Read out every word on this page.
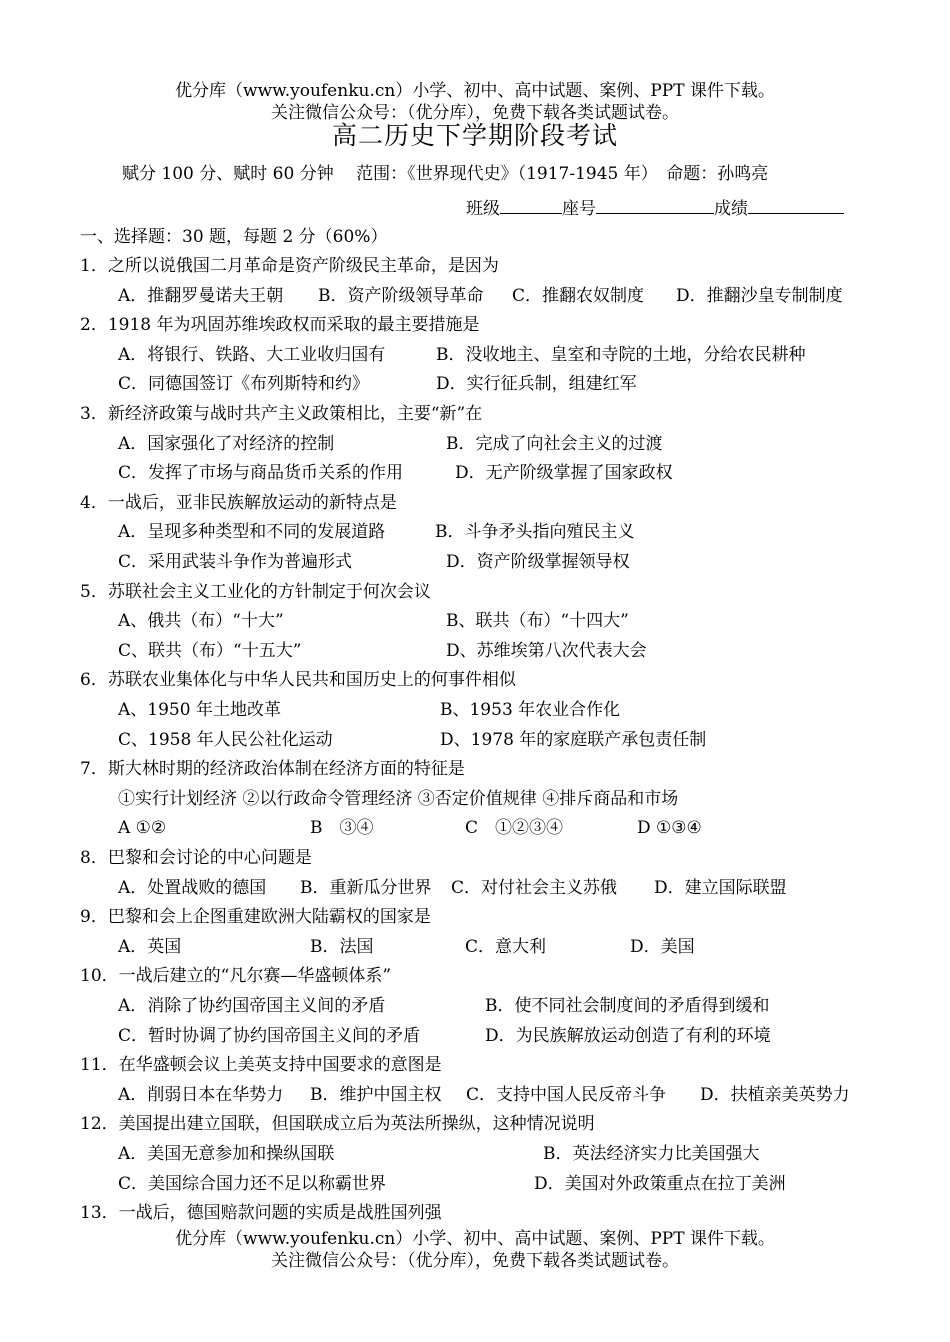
优分库（www.youfenku.cn）小学、初中、高中试题、案例、PPT 课件下载。
关注微信公众号：（优分库），免费下载各类试题试卷。
高二历史下学期阶段考试
赋分 100 分、赋时 60 分钟　 范围：《世界现代史》（1917-1945 年）　命题：孙鸣亮
班级	座号	成绩
一、选择题：30 题，每题 2 分（60%）
1．之所以说俄国二月革命是资产阶级民主革命，是因为
A．推翻罗曼诺夫王朝 B．资产阶级领导革命 C．推翻农奴制度 D．推翻沙皇专制制度
2．1918 年为巩固苏维埃政权而采取的最主要措施是
A．将银行、铁路、大工业收归国有	B．没收地主、皇室和寺院的土地，分给农民耕种
C．同德国签订《布列斯特和约》	D．实行征兵制，组建红军
3．新经济政策与战时共产主义政策相比，主要“新”在
A．国家强化了对经济的控制	B．完成了向社会主义的过渡
C．发挥了市场与商品货币关系的作用	D．无产阶级掌握了国家政权
4．一战后，亚非民族解放运动的新特点是
A．呈现多种类型和不同的发展道路	B．斗争矛头指向殖民主义
C．采用武装斗争作为普遍形式	D．资产阶级掌握领导权
5．苏联社会主义工业化的方针制定于何次会议
A、俄共（布）“十大”	B、联共（布）“十四大”
C、联共（布）“十五大”	D、苏维埃第八次代表大会
6．苏联农业集体化与中华人民共和国历史上的何事件相似
A、1950 年土地改革	B、1953 年农业合作化
C、1958 年人民公社化运动	D、1978 年的家庭联产承包责任制
7．斯大林时期的经济政治体制在经济方面的特征是
①实行计划经济 ②以行政命令管理经济 ③否定价值规律 ④排斥商品和市场
A ①②	B　③④	C　①②③④	D ①③④
8．巴黎和会讨论的中心问题是
A．处置战败的德国 B．重新瓜分世界 C．对付社会主义苏俄 D．建立国际联盟
9．巴黎和会上企图重建欧洲大陆霸权的国家是
A．英国	B．法国	C．意大利	D．美国
10．一战后建立的“凡尔赛—华盛顿体系”
A．消除了协约国帝国主义间的矛盾	B．使不同社会制度间的矛盾得到缓和
C．暂时协调了协约国帝国主义间的矛盾	D．为民族解放运动创造了有利的环境
11．在华盛顿会议上美英支持中国要求的意图是
A．削弱日本在华势力 B．维护中国主权 C．支持中国人民反帝斗争 D．扶植亲美英势力
12．美国提出建立国联，但国联成立后为英法所操纵，这种情况说明
A．美国无意参加和操纵国联	B．英法经济实力比美国强大
C．美国综合国力还不足以称霸世界	D．美国对外政策重点在拉丁美洲
13．一战后，德国赔款问题的实质是战胜国列强
优分库（www.youfenku.cn）小学、初中、高中试题、案例、PPT 课件下载。
关注微信公众号：（优分库），免费下载各类试题试卷。
